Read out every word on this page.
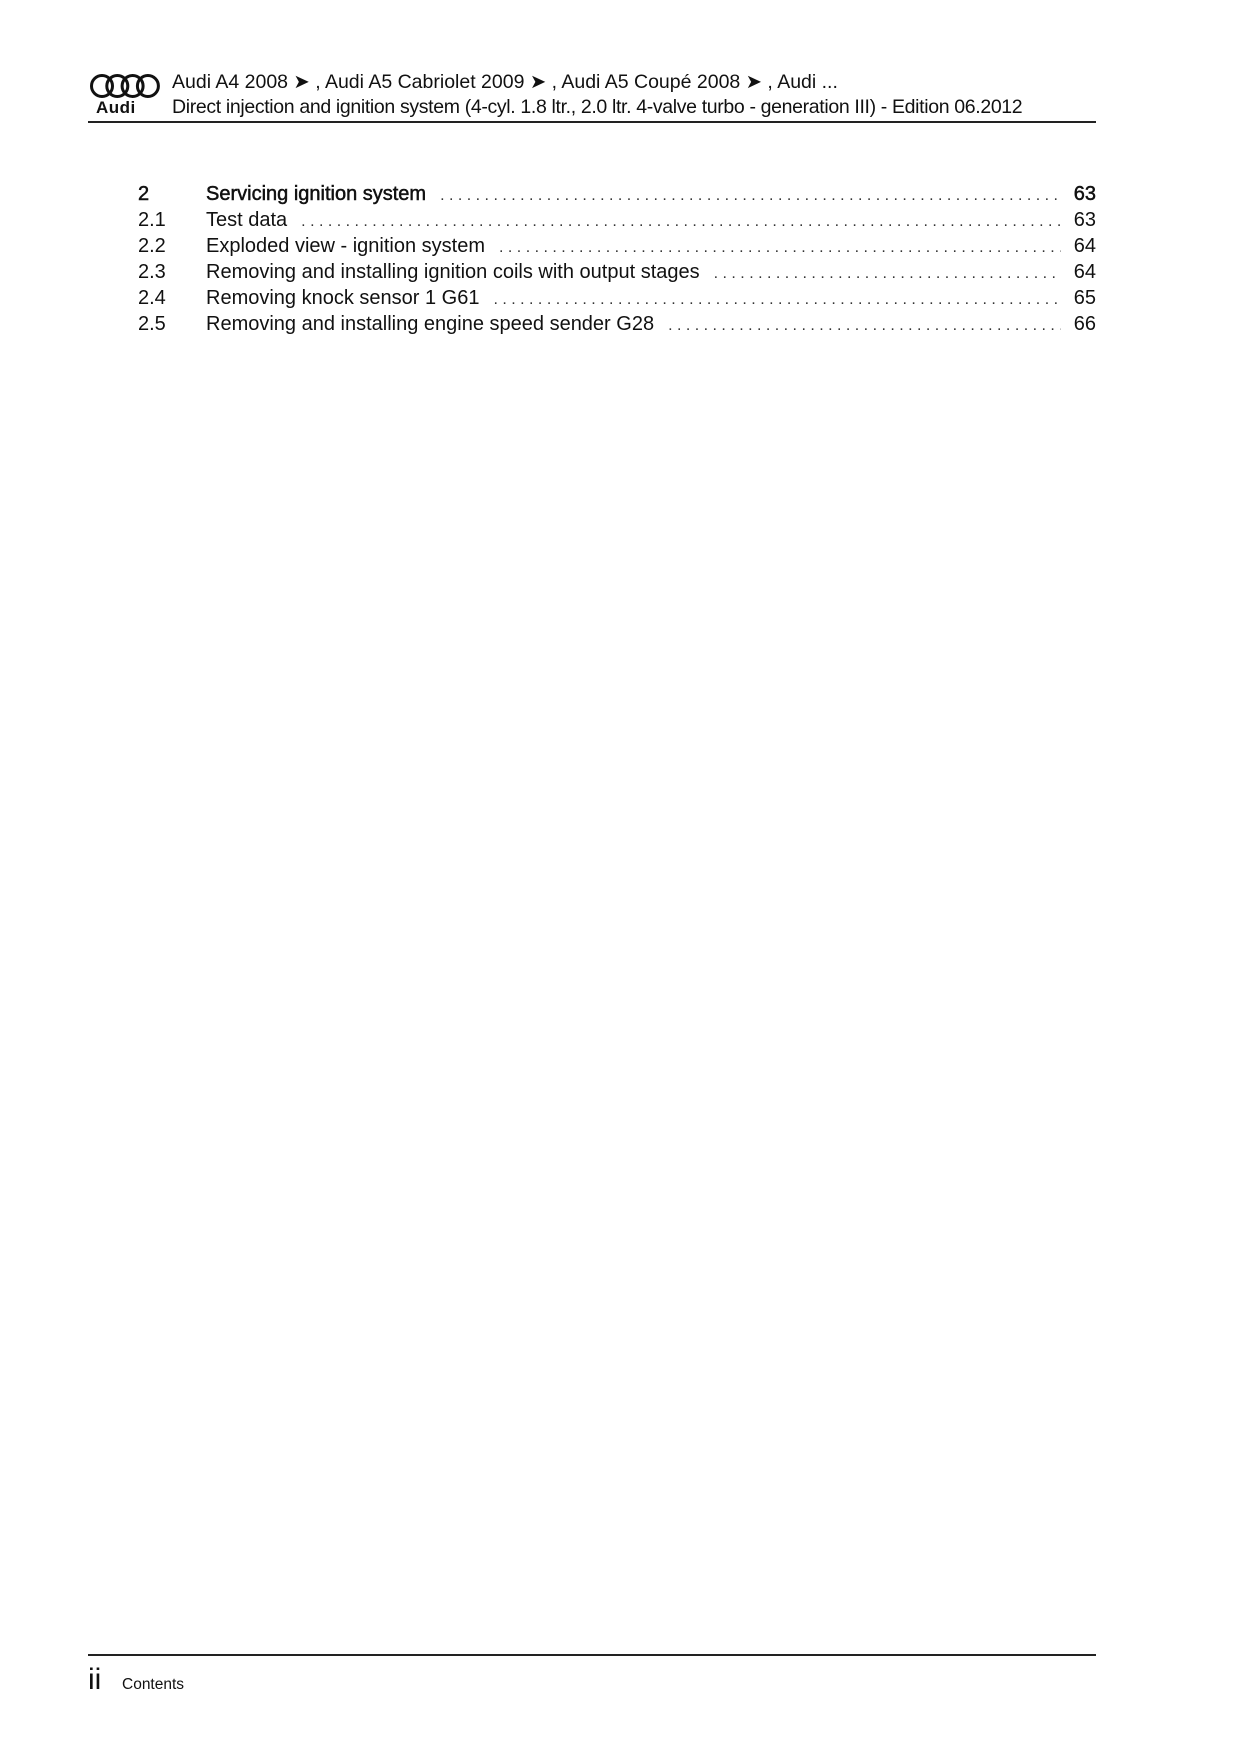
Audi
Audi A4 2008 ➤ , Audi A5 Cabriolet 2009 ➤ , Audi A5 Coupé 2008 ➤ , Audi ...
Direct injection and ignition system (4-cyl. 1.8 ltr., 2.0 ltr. 4-valve turbo - generation III) - Edition 06.2012
2	Servicing ignition system . . .	63
2.1 Test data . . .	63
2.2 Exploded view - ignition system . . .	64
2.3 Removing and installing ignition coils with output stages . . .	64
2.4 Removing knock sensor 1 G61 . . .	65
2.5 Removing and installing engine speed sender G28 . . .	66
ii Contents
